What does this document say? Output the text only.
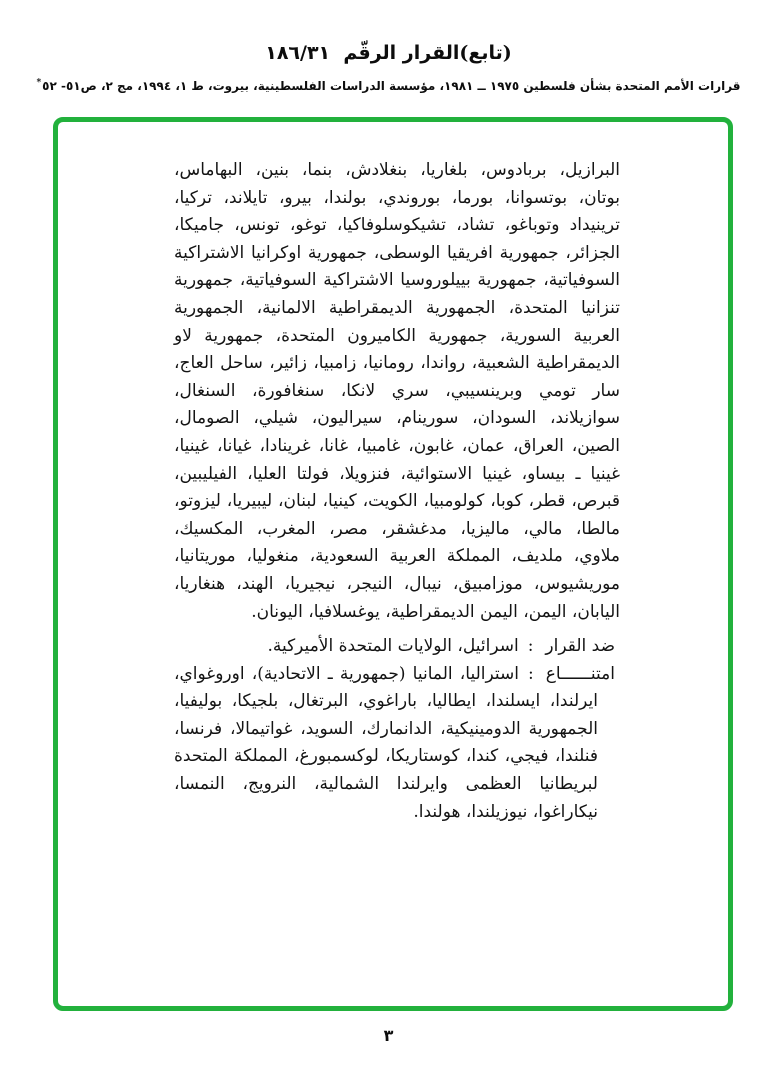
(تابع)القرار الرقّم  ١٨٦/٣١
قرارات الأمم المتحدة بشأن فلسطين ١٩٧٥ ــ ١٩٨١، مؤسسة الدراسات الفلسطينية، بيروت، ط ١، ١٩٩٤، مج ٢، ص٥١- ٥٢*

البرازيل، بربادوس، بلغاريا، بنغلادش، بنما، بنين، البهاماس، بوتان، بوتسوانا، بورما، بوروندي، بولندا، بيرو، تايلاند، تركيا، ترينيداد وتوباغو، تشاد، تشيكوسلوفاكيا، توغو، تونس، جاميكا، الجزائر، جمهورية افريقيا الوسطى، جمهورية اوكرانيا الاشتراكية السوفياتية، جمهورية بييلوروسيا الاشتراكية السوفياتية، جمهورية تنزانيا المتحدة، الجمهورية الديمقراطية الالمانية، الجمهورية العربية السورية، جمهورية الكاميرون المتحدة، جمهورية لاو الديمقراطية الشعبية، رواندا، رومانيا، زامبيا، زائير، ساحل العاج، سار تومي وبرينسيبي، سري لانكا، سنغافورة، السنغال، سوازيلاند، السودان، سورينام، سيراليون، شيلي، الصومال، الصين، العراق، عمان، غابون، غامبيا، غانا، غرينادا، غيانا، غينيا، غينيا ـ بيساو، غينيا الاستوائية، فنزويلا، فولتا العليا، الفيليبين، قبرص، قطر، كوبا، كولومبيا، الكويت، كينيا، لبنان، ليبيريا، ليزوتو، مالطا، مالي، ماليزيا، مدغشقر، مصر، المغرب، المكسيك، ملاوي، ملديف، المملكة العربية السعودية، منغوليا، موريتانيا، موريشيوس، موزامبيق، نيبال، النيجر، نيجيريا، الهند، هنغاريا، اليابان، اليمن، اليمن الديمقراطية، يوغسلافيا، اليونان.

ضد القرار:اسرائيل، الولايات المتحدة الأميركية.

امتنــــــاع:استراليا، المانيا (جمهورية ـ الاتحادية)، اوروغواي، ايرلندا، ايسلندا، ايطاليا، باراغوي، البرتغال، بلجيكا، بوليفيا، الجمهورية الدومينيكية، الدانمارك، السويد، غواتيمالا، فرنسا، فنلندا، فيجي، كندا، كوستاريكا، لوكسمبورغ، المملكة المتحدة لبريطانيا العظمى وايرلندا الشمالية، النرويج، النمسا، نيكاراغوا، نيوزيلندا، هولندا.

٣
